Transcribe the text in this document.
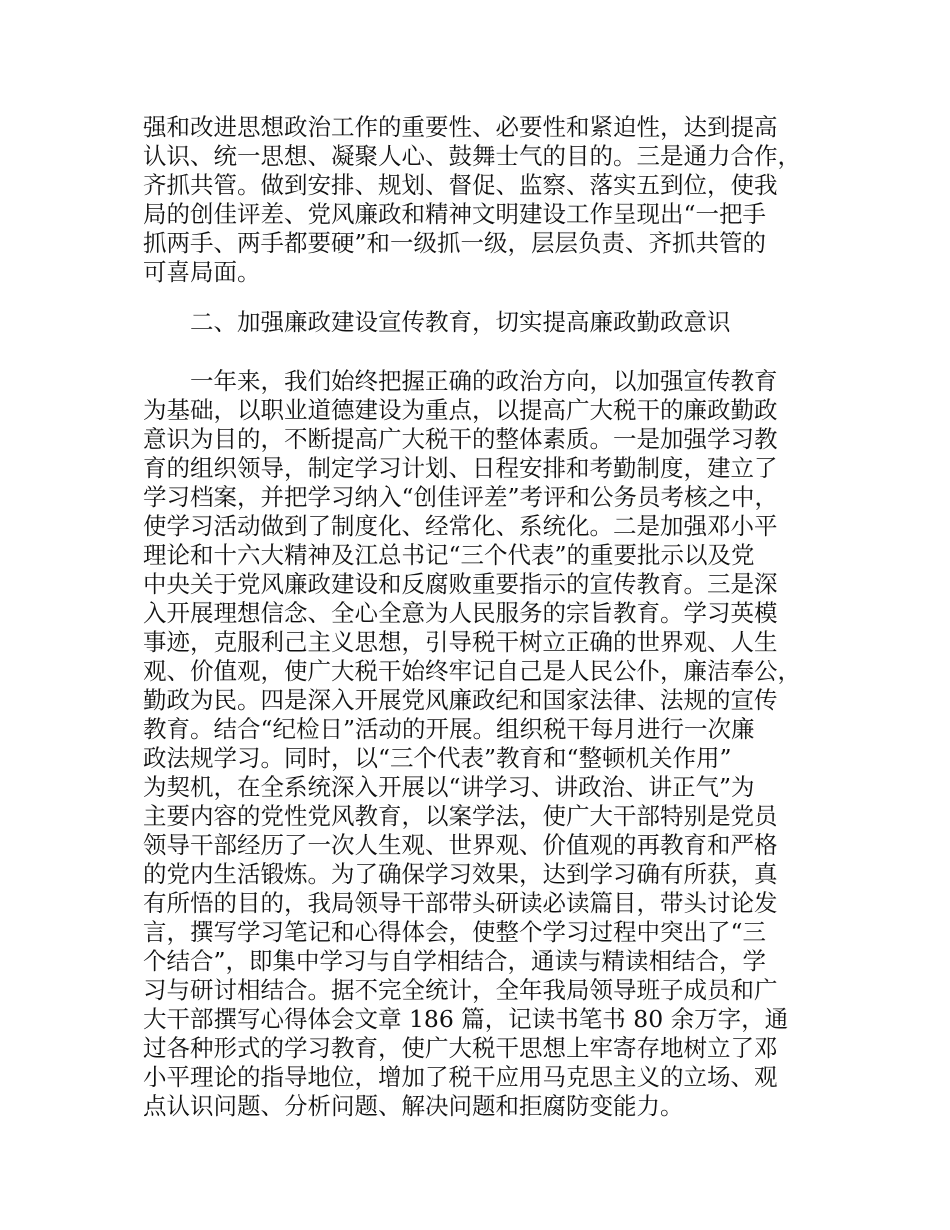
强和改进思想政治工作的重要性、必要性和紧迫性，达到提高
认识、统一思想、凝聚人心、鼓舞士气的目的。三是通力合作，
齐抓共管。做到安排、规划、督促、监察、落实五到位，使我
局的创佳评差、党风廉政和精神文明建设工作呈现出“一把手
抓两手、两手都要硬”和一级抓一级，层层负责、齐抓共管的
可喜局面。
二、加强廉政建设宣传教育，切实提高廉政勤政意识
一年来，我们始终把握正确的政治方向，以加强宣传教育
为基础，以职业道德建设为重点，以提高广大税干的廉政勤政
意识为目的，不断提高广大税干的整体素质。一是加强学习教
育的组织领导，制定学习计划、日程安排和考勤制度，建立了
学习档案，并把学习纳入“创佳评差”考评和公务员考核之中，
使学习活动做到了制度化、经常化、系统化。二是加强邓小平
理论和十六大精神及江总书记“三个代表”的重要批示以及党
中央关于党风廉政建设和反腐败重要指示的宣传教育。三是深
入开展理想信念、全心全意为人民服务的宗旨教育。学习英模
事迹，克服利己主义思想，引导税干树立正确的世界观、人生
观、价值观，使广大税干始终牢记自己是人民公仆，廉洁奉公，
勤政为民。四是深入开展党风廉政纪和国家法律、法规的宣传
教育。结合“纪检日”活动的开展。组织税干每月进行一次廉
政法规学习。同时，以“三个代表”教育和“整顿机关作用”
为契机，在全系统深入开展以“讲学习、讲政治、讲正气”为
主要内容的党性党风教育，以案学法，使广大干部特别是党员
领导干部经历了一次人生观、世界观、价值观的再教育和严格
的党内生活锻炼。为了确保学习效果，达到学习确有所获，真
有所悟的目的，我局领导干部带头研读必读篇目，带头讨论发
言，撰写学习笔记和心得体会，使整个学习过程中突出了“三
个结合”，即集中学习与自学相结合，通读与精读相结合，学
习与研讨相结合。据不完全统计，全年我局领导班子成员和广
大干部撰写心得体会文章 186 篇，记读书笔书 80 余万字，通
过各种形式的学习教育，使广大税干思想上牢寄存地树立了邓
小平理论的指导地位，增加了税干应用马克思主义的立场、观
点认识问题、分析问题、解决问题和拒腐防变能力。
